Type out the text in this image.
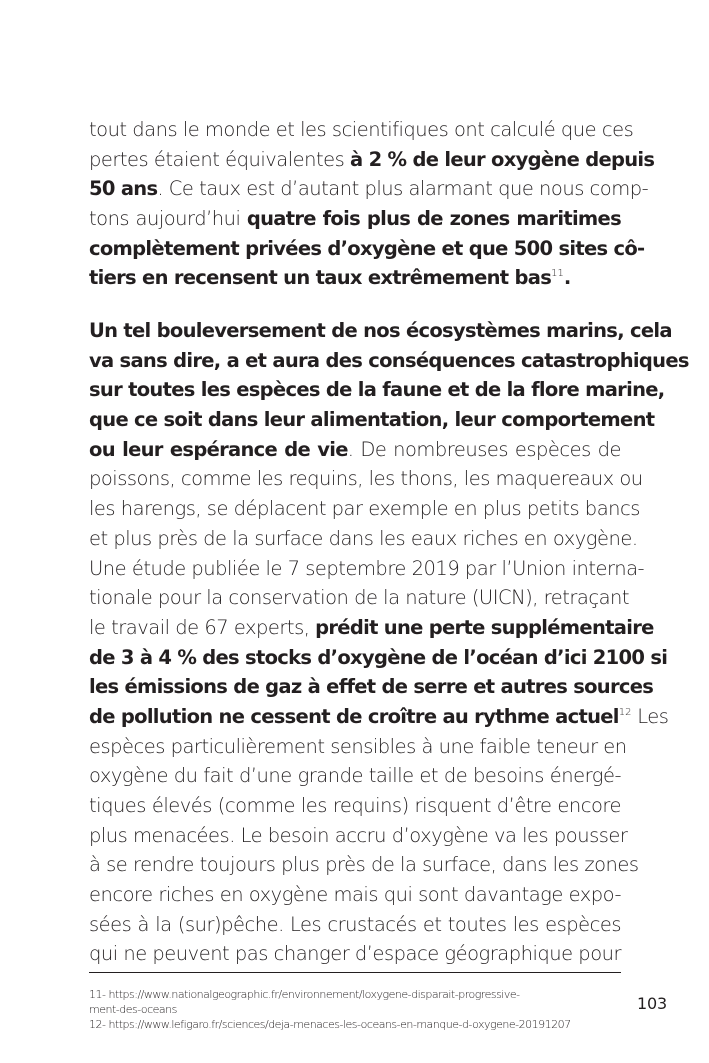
tout dans le monde et les scientifiques ont calculé que ces
pertes étaient équivalentes à 2 % de leur oxygène depuis
50 ans. Ce taux est d’autant plus alarmant que nous comp-
tons aujourd’hui quatre fois plus de zones maritimes
complètement privées d’oxygène et que 500 sites cô-
tiers en recensent un taux extrêmement bas$^{11}$.
Un tel bouleversement de nos écosystèmes marins, cela
va sans dire, a et aura des conséquences catastrophiques
sur toutes les espèces de la faune et de la flore marine,
que ce soit dans leur alimentation, leur comportement
ou leur espérance de vie. De nombreuses espèces de
poissons, comme les requins, les thons, les maquereaux ou
les harengs, se déplacent par exemple en plus petits bancs
et plus près de la surface dans les eaux riches en oxygène.
Une étude publiée le 7 septembre 2019 par l’Union interna-
tionale pour la conservation de la nature (UICN), retraçant
le travail de 67 experts, prédit une perte supplémentaire
de 3 à 4 % des stocks d’oxygène de l’océan d’ici 2100 si
les émissions de gaz à effet de serre et autres sources
de pollution ne cessent de croître au rythme actuel$^{12}$ Les
espèces particulièrement sensibles à une faible teneur en
oxygène du fait d’une grande taille et de besoins énergé-
tiques élevés (comme les requins) risquent d’être encore
plus menacées. Le besoin accru d’oxygène va les pousser
à se rendre toujours plus près de la surface, dans les zones
encore riches en oxygène mais qui sont davantage expo-
sées à la (sur)pêche. Les crustacés et toutes les espèces
qui ne peuvent pas changer d’espace géographique pour
11- https://www.nationalgeographic.fr/environnement/loxygene-disparait-progressive-
ment-des-oceans
12- https://www.lefigaro.fr/sciences/deja-menaces-les-oceans-en-manque-d-oxygene-20191207
103
